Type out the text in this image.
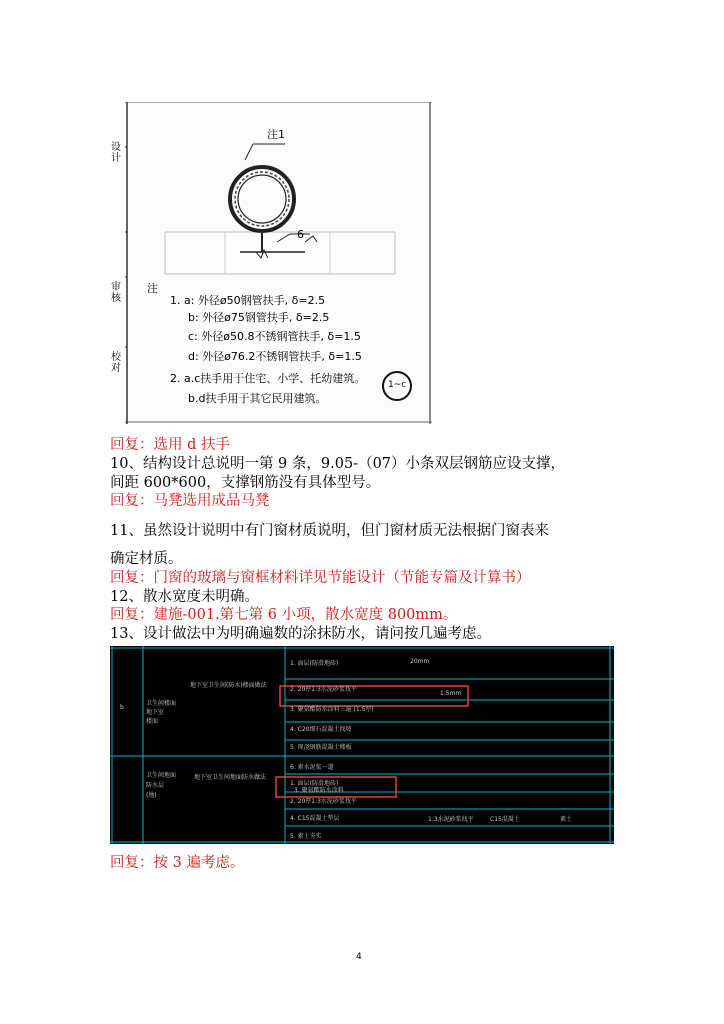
注1
6
设计
审核
校对
注
1. a: 外径ø50钢管扶手, δ=2.5
b: 外径ø75钢管扶手, δ=2.5
c: 外径ø50.8不锈钢管扶手, δ=1.5
d: 外径ø76.2不锈钢管扶手, δ=1.5
2. a.c扶手用于住宅、小学、托幼建筑。
b.d扶手用于其它民用建筑。
1~c
回复：选用 d 扶手
10、结构设计总说明一第 9 条，9.05-（07）小条双层钢筋应设支撑，
间距 600*600，支撑钢筋没有具体型号。
回复：马凳选用成品马凳
11、虽然设计说明中有门窗材质说明，但门窗材质无法根据门窗表来
确定材质。
回复：门窗的玻璃与窗框材料详见节能设计（节能专篇及计算书）
12、散水宽度未明确。
回复：建施-001.第七第 6 小项，散水宽度 800mm。
13、设计做法中为明确遍数的涂抹防水，请问按几遍考虑。
b
卫生间楼面
地下室
楼面
卫生间地面
防水层
(地)
地下室卫生间(防水)楼面做法
地下室卫生间地面防水做法
1. 面层(防滑地砖)
2. 20厚1:3水泥砂浆找平
3. 聚氨酯防水涂料三遍 (1.5厚)
4. C20细石混凝土找坡
5. 现浇钢筋混凝土楼板
6. 素水泥浆一道
20mm
1.5mm
1. 面层(防滑地砖)
2. 20厚1:3水泥砂浆找平
3. 聚氨酯防水涂料
4. C15混凝土垫层
5. 素土夯实
1:3水泥砂浆找平	C15混凝土	素土
回复：按 3 遍考虑。
4
